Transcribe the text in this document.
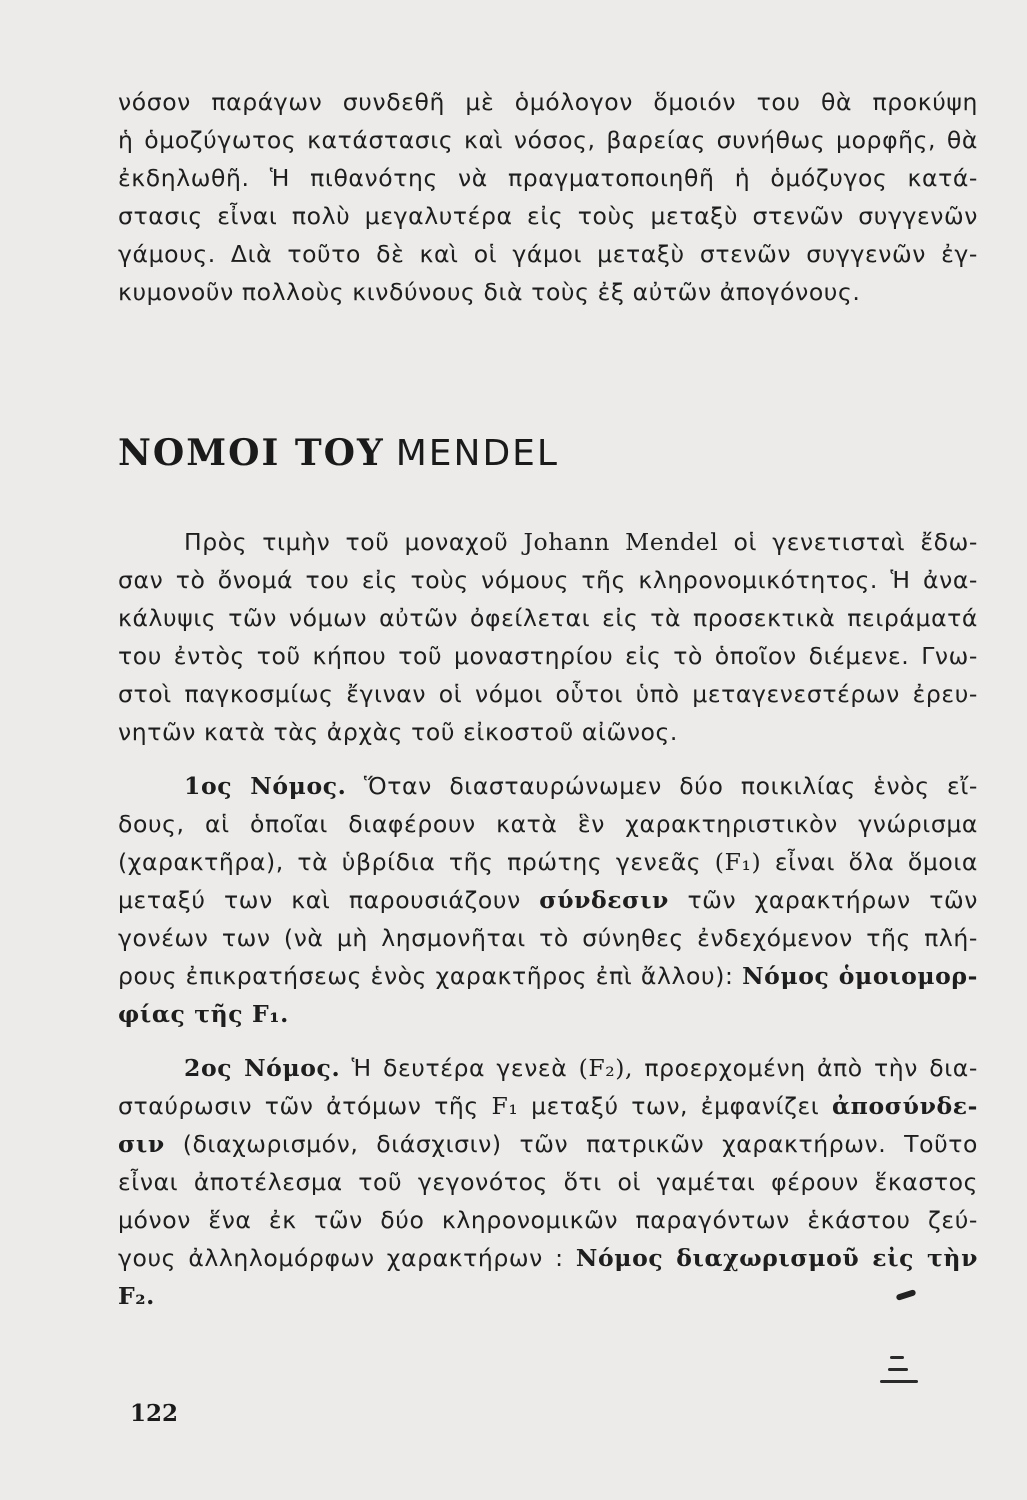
νόσον παράγων συνδεθῆ μὲ ὁμόλογον ὅμοιόν του θὰ προκύψη
ἡ ὁμοζύγωτος κατάστασις καὶ νόσος, βαρείας συνήθως μορφῆς, θὰ
ἐκδηλωθῆ. Ἡ πιθανότης νὰ πραγματοποιηθῆ ἡ ὁμόζυγος κατά-
στασις εἶναι πολὺ μεγαλυτέρα εἰς τοὺς μεταξὺ στενῶν συγγενῶν
γάμους. Διὰ τοῦτο δὲ καὶ οἱ γάμοι μεταξὺ στενῶν συγγενῶν ἐγ-
κυμονοῦν πολλοὺς κινδύνους διὰ τοὺς ἐξ αὐτῶν ἀπογόνους.
ΝΟΜΟΙ ΤΟΥ MENDEL
Πρὸς τιμὴν τοῦ μοναχοῦ Johann Mendel οἱ γενετισταὶ ἔδω-
σαν τὸ ὄνομά του εἰς τοὺς νόμους τῆς κληρονομικότητος. Ἡ ἀνα-
κάλυψις τῶν νόμων αὐτῶν ὀφείλεται εἰς τὰ προσεκτικὰ πειράματά
του ἐντὸς τοῦ κήπου τοῦ μοναστηρίου εἰς τὸ ὁποῖον διέμενε. Γνω-
στοὶ παγκοσμίως ἔγιναν οἱ νόμοι οὗτοι ὑπὸ μεταγενεστέρων ἐρευ-
νητῶν κατὰ τὰς ἀρχὰς τοῦ εἰκοστοῦ αἰῶνος.
1ος Νόμος. Ὅταν διασταυρώνωμεν δύο ποικιλίας ἑνὸς εἴ-
δους, αἱ ὁποῖαι διαφέρουν κατὰ ἓν χαρακτηριστικὸν γνώρισμα
(χαρακτῆρα), τὰ ὑβρίδια τῆς πρώτης γενεᾶς (F₁) εἶναι ὅλα ὅμοια
μεταξύ των καὶ παρουσιάζουν σύνδεσιν τῶν χαρακτήρων τῶν
γονέων των (νὰ μὴ λησμονῆται τὸ σύνηθες ἐνδεχόμενον τῆς πλή-
ρους ἐπικρατήσεως ἑνὸς χαρακτῆρος ἐπὶ ἄλλου): Νόμος ὁμοιομορ-
φίας τῆς F₁.
2ος Νόμος. Ἡ δευτέρα γενεὰ (F₂), προερχομένη ἀπὸ τὴν δια-
σταύρωσιν τῶν ἀτόμων τῆς F₁ μεταξύ των, ἐμφανίζει ἀποσύνδε-
σιν (διαχωρισμόν, διάσχισιν) τῶν πατρικῶν χαρακτήρων. Τοῦτο
εἶναι ἀποτέλεσμα τοῦ γεγονότος ὅτι οἱ γαμέται φέρουν ἕκαστος
μόνον ἕνα ἐκ τῶν δύο κληρονομικῶν παραγόντων ἑκάστου ζεύ-
γους ἀλληλομόρφων χαρακτήρων : Νόμος διαχωρισμοῦ εἰς τὴν
F₂.
122
